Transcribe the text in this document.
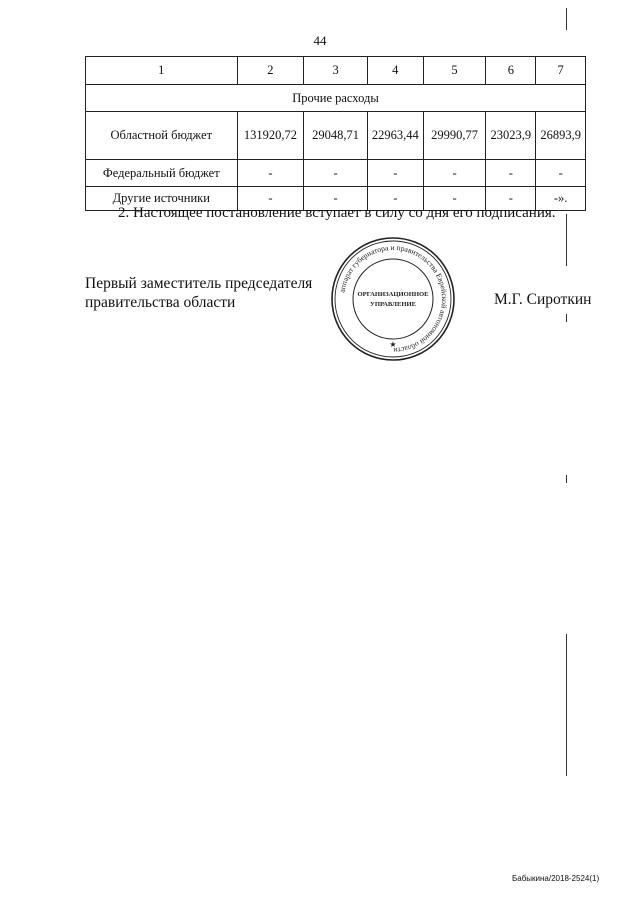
44
1	2	3	4	5	6	7
Прочие расходы						
Областной бюджет	131920,72	29048,71	22963,44	29990,77	23023,9	26893,9
Федеральный бюджет	-	-	-	-	-	-
Другие источники	-	-	-	-	-	-».
2. Настоящее постановление вступает в силу со дня его подписания.
Первый заместитель председателя
правительства области
аппарат губернатора и правительства Еврейской автономной области
ОРГАНИЗАЦИОННОЕ
УПРАВЛЕНИЕ
★
М.Г. Сироткин
Бабыкина/2018-2524(1)
